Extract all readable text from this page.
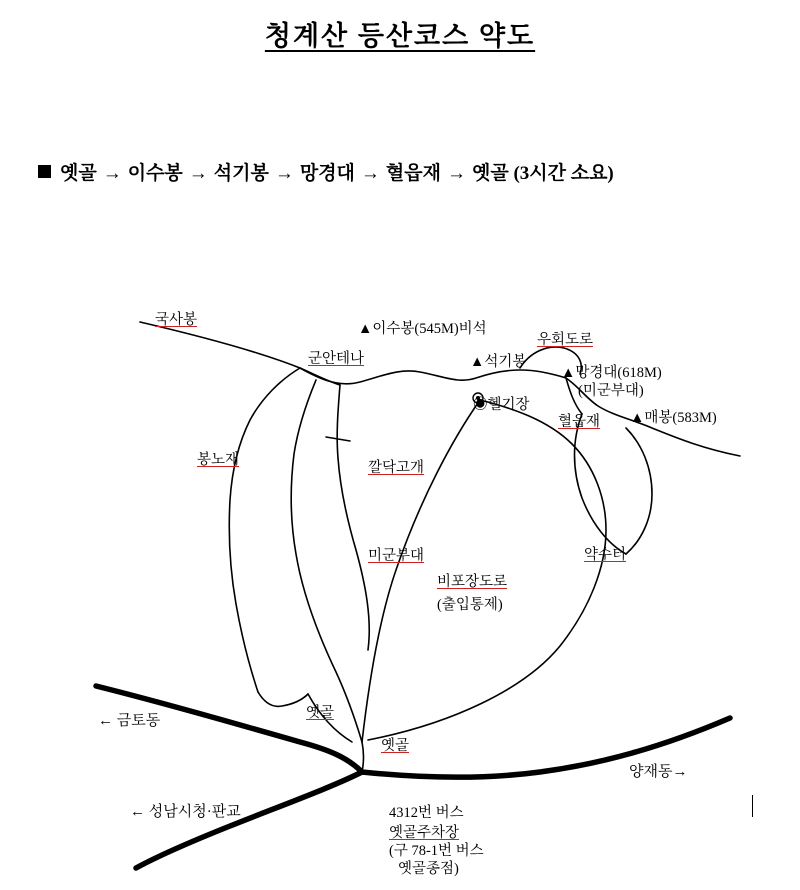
청계산 등산코스 약도
옛골 → 이수봉 → 석기봉 → 망경대 → 혈읍재 → 옛골 (3시간 소요)
국사봉
▲이수봉(545M)비석
우회도로
군안테나	▲석기봉
▲망경대(618M)
(미군부대)
◉헬기장
혈읍재 ▲매봉(583M)
봉노재	깔닥고개
미군부대	약수터
비포장도로
(출입통제)
← 금토동	옛골
옛골
양재동→
← 성남시청·판교	4312번 버스
옛골주차장
(구 78-1번 버스
옛골종점)
